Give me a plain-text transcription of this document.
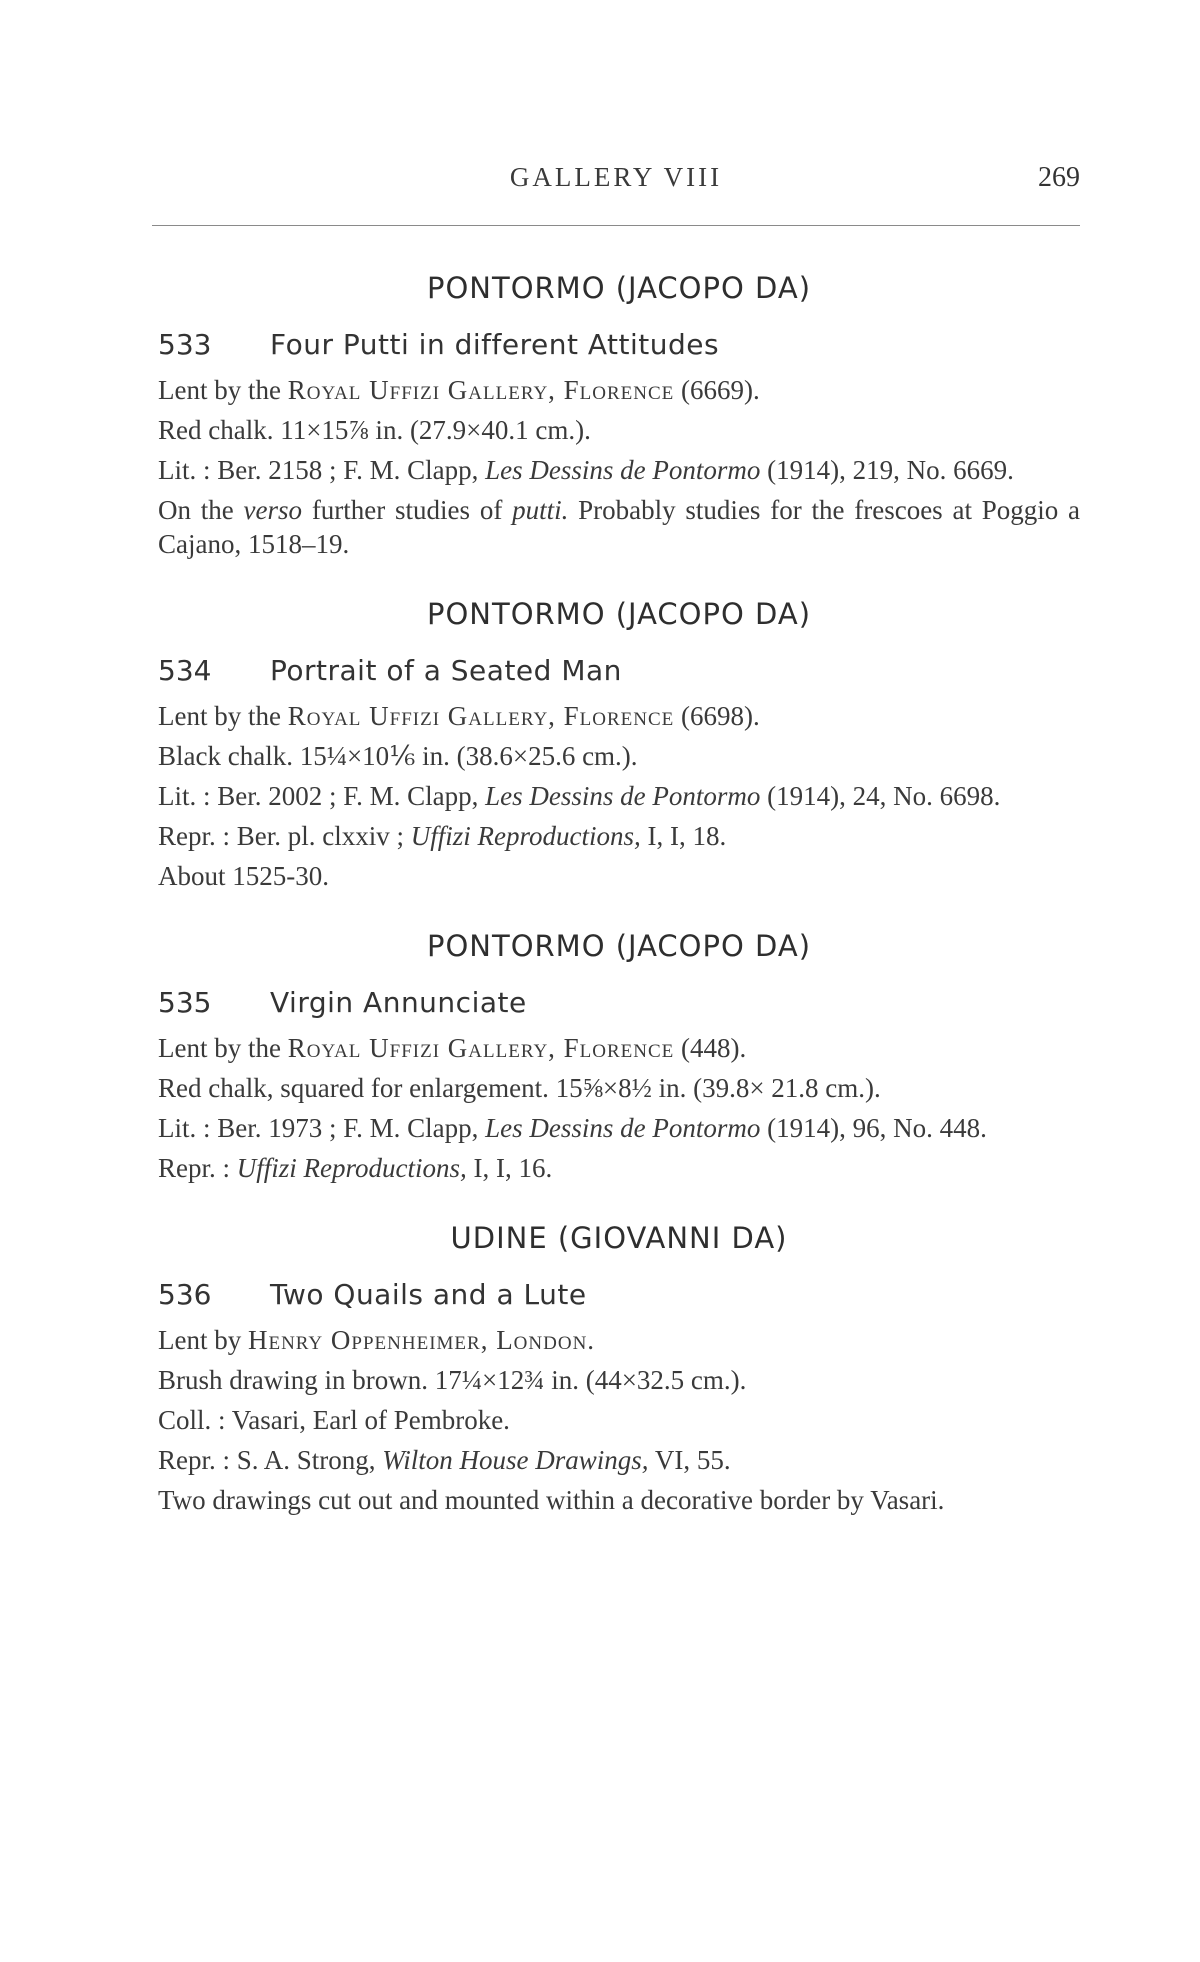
GALLERY VIII	269
PONTORMO (JACOPO DA)
533 Four Putti in different Attitudes
Lent by the Royal Uffizi Gallery, Florence (6669).
Red chalk. 11×15⅞ in. (27.9×40.1 cm.).
Lit. : Ber. 2158 ; F. M. Clapp, Les Dessins de Pontormo (1914), 219, No. 6669.
On the verso further studies of putti. Probably studies for the frescoes at Poggio a Cajano, 1518–19.
PONTORMO (JACOPO DA)
534 Portrait of a Seated Man
Lent by the Royal Uffizi Gallery, Florence (6698).
Black chalk. 15¼×10⅙ in. (38.6×25.6 cm.).
Lit. : Ber. 2002 ; F. M. Clapp, Les Dessins de Pontormo (1914), 24, No. 6698.
Repr. : Ber. pl. clxxiv ; Uffizi Reproductions, I, I, 18.
About 1525-30.
PONTORMO (JACOPO DA)
535 Virgin Annunciate
Lent by the Royal Uffizi Gallery, Florence (448).
Red chalk, squared for enlargement. 15⅝×8½ in. (39.8× 21.8 cm.).
Lit. : Ber. 1973 ; F. M. Clapp, Les Dessins de Pontormo (1914), 96, No. 448.
Repr. : Uffizi Reproductions, I, I, 16.
UDINE (GIOVANNI DA)
536 Two Quails and a Lute
Lent by Henry Oppenheimer, London.
Brush drawing in brown. 17¼×12¾ in. (44×32.5 cm.).
Coll. : Vasari, Earl of Pembroke.
Repr. : S. A. Strong, Wilton House Drawings, VI, 55.
Two drawings cut out and mounted within a decorative border by Vasari.
